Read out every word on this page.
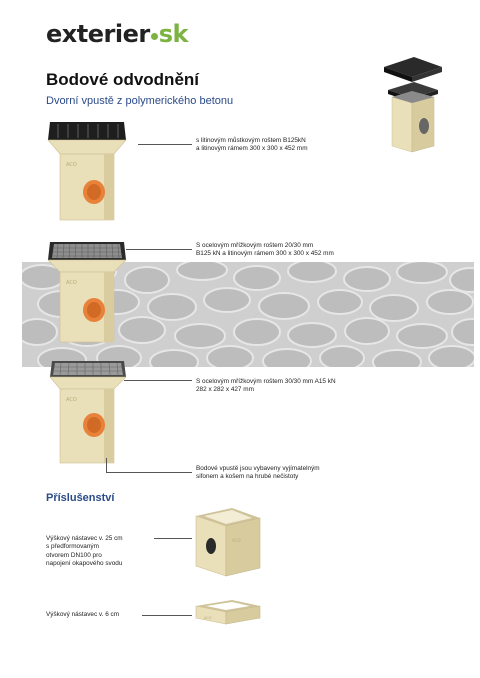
exterier sk
Bodové odvodnění
Dvorní vpustě z polymerického betonu
ACO
s litinovým můstkovým roštem B125kN
a litinovým rámem 300 x 300 x 452 mm
ACO
S ocelovým mřížkovým roštem 20/30 mm
B125 kN a litinovým rámem 300 x 300 x 452 mm
ACO
S ocelovým mřížkovým roštem 30/30 mm A15 kN
282 x 282 x 427 mm
Bodové vpustě jsou vybaveny vyjímatelným
sifonem a košem na hrubé nečistoty
Příslušenství
Výškový nástavec v. 25 cm
s předformovaným
otvorem DN100 pro
napojení okapového svodu
ACO
Výškový nástavec v. 6 cm	ACO
